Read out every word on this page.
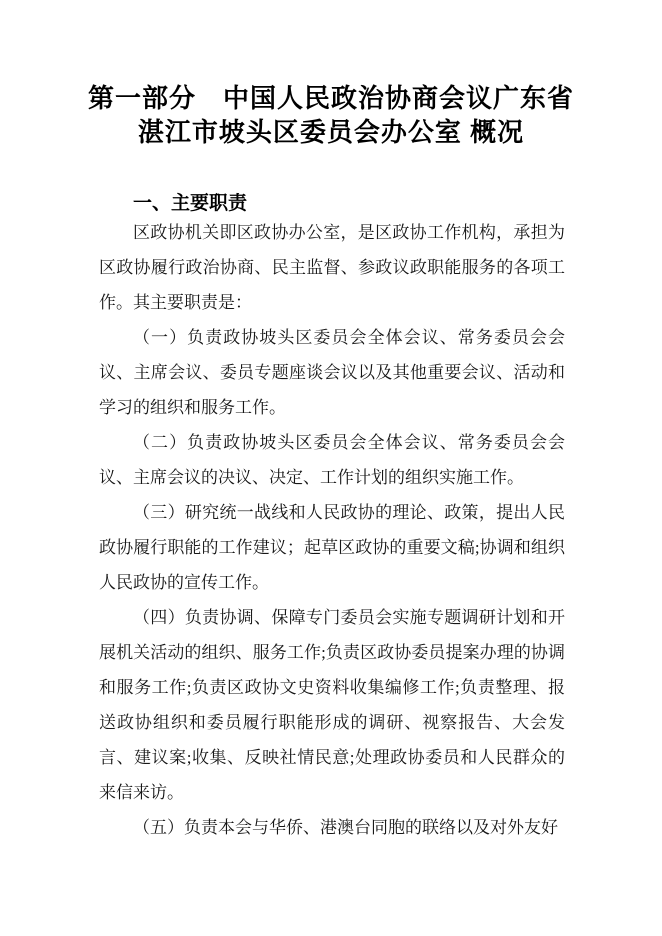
第一部分　中国人民政治协商会议广东省
湛江市坡头区委员会办公室 概况
一、主要职责

区政协机关即区政协办公室，是区政协工作机构，承担为区政协履行政治协商、民主监督、参政议政职能服务的各项工作。其主要职责是：

（一）负责政协坡头区委员会全体会议、常务委员会会议、主席会议、委员专题座谈会议以及其他重要会议、活动和学习的组织和服务工作。

（二）负责政协坡头区委员会全体会议、常务委员会会议、主席会议的决议、决定、工作计划的组织实施工作。

（三）研究统一战线和人民政协的理论、政策，提出人民政协履行职能的工作建议；起草区政协的重要文稿;协调和组织人民政协的宣传工作。

（四）负责协调、保障专门委员会实施专题调研计划和开展机关活动的组织、服务工作;负责区政协委员提案办理的协调和服务工作;负责区政协文史资料收集编修工作;负责整理、报送政协组织和委员履行职能形成的调研、视察报告、大会发言、建议案;收集、反映社情民意;处理政协委员和人民群众的来信来访。

（五）负责本会与华侨、港澳台同胞的联络以及对外友好
